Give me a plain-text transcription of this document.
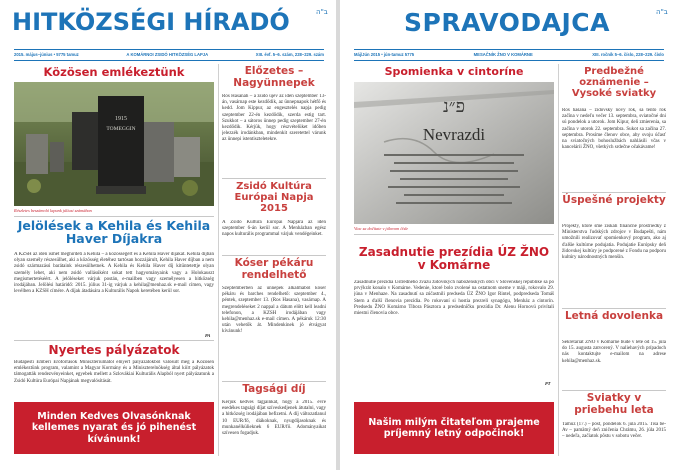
HITKÖZSÉGI HÍRADÓ	ב"ה
2015. május–június • 5775 tamuz	A KOMÁRNOI ZSIDÓ HITKÖZSÉG LAPJA	XIII. évf. 5–6. szám, 228–229. szám
Közösen emlékeztünk
1915
TOMEGGIN
Részletes beszámoló lapunk júliusi számában
Jelölések a Kehila és Kehila Haver Díjakra
A KZSH az idén ismét meghirdeti a Kehila – a közösségért és a Kehila Haver díjakat. Kehila díjban olyan személy részesülhet, aki a közösség életéhez tartósan hozzájárult, Kehila Haver díjban a nem zsidó származású barátaink részesülhetnek. A Kehila és Kehila Haver díj kitüntetettje olyan személy lehet, aki nem zsidó vallásúként sokat tett hagyományaink vagy a Holokauszt megismertetéséért. A jelöléseket várjuk postán, e-mailben vagy személyesen a hitközség irodájában. Jelölési határidő: 2015. július 31-ig várjuk a kehila@menhaz.sk e-mail címen, vagy levélben a KZSH címére. A díjak átadására a Kulturális Napok keretében kerül sor.
PA
Nyertes pályázatok
Budapesti Emberi Erőforrások Minisztériumától elnyert pályázatokból valósult meg a Közösen emlékeztünk program, valamint a Magyar Kormány és a Miniszterelnökség által kiírt pályázatok támogatták rendezvényeinket, egyebek mellett a Szlovákiai Kulturális Alapból nyert pályázatunk a Zsidó Kultúra Európai Napjának megvalósítását.
Minden Kedves Olvasónknak kellemes nyarat és jó pihenést kívánunk!
Előzetes – Nagyünnepek
Ros Hasanah – a zsidó újév az idén szeptember 13-án, vasárnap este kezdődik, az ünnepnapok hétfő és kedd. Jom Kippur, az engesztelés napja pedig szeptember 22-én kezdődik, szerda estig tart. Szukkot – a sátoros ünnep pedig szeptember 27-én kezdődik. Kérjük, hogy részvételüket időben jelezzék irodánkban, mindenkit szeretettel várunk az ünnepi istentiszteletekre.
Zsidó Kultúra Európai Napja 2015
A Zsidó Kultúra Európai Napjára az idén szeptember 6-án kerül sor. A Menházban egész napos kulturális programmal várjuk vendégeinket.
Kóser pékáru rendelhető
Szeptemberben az ünnepek alkalmából kóser pékáru és barches rendelhető: szeptember 4., péntek, szeptember 13. (Ros Hasana), vasárnap. A megrendeléseket 2 nappal a dátum előtt kell leadni telefonon, a KZSH irodájában vagy kehila@menhaz.sk e-mail címen. A pékáruk 12:30 után vehetők át. Mindenkinek jó étvágyat kívánunk!
Tagsági díj
Kérjük kedves tagjainkat, hogy a 2015. évre esedékes tagsági díjat szíveskedjenek átutalni, vagy a hitközség irodájában befizetni. A díj változatlanul 10 EUR/fő, diákoknak, nyugdíjasoknak és munkanélkülieknek 6 EUR/fő. Adományaikat szívesen fogadjuk.
SPRAVODAJCA	ב"ה
Máj/Jún 2015 • jún-tamuz 5775	MESAČNÍK ŽNO V KOMÁRNE	XIII. ročník 5–6. číslo, 228–229. číslo
Spomienka v cintoríne
פ״נ
Nevrazdi
Viac sa dočítate v júlovom čísle
Zasadnutie prezídia ÚZ ŽNO v Komárne
Zasadnutie prezídia Ústredného zväzu židovských náboženských obcí v Slovenskej republike sa po prvýkrát konalo v Komárne. Vedenie, ktoré bolo zvolené na ostatnom sneme v máji, rokovalo 29. júna v Menhaze. Na zasadnutí sa zúčastnili predseda ÚZ ŽNO Igor Rintel, podpredseda Tomáš Stern a ďalší členovia prezídia. Po rokovaní si hostia prezreli synagógu, Menház a cintorín. Predsedu ŽNO Komárno Tibora Pásztora a predsedníčku prezídia Dr. Alenu Hornovú privítali miestni členovia obce.
PT
Našim milým čitateľom prajeme príjemný letný odpočinok!
Predbežné oznámenie – Vysoké sviatky
Roš hašana – židovský nový rok, sa tento rok začína v nedeľu večer 13. septembra, sviatočné dni sú pondelok a utorok. Jom Kipur, deň zmierenia, sa začína v utorok 22. septembra. Sukot sa začína 27. septembra. Prosíme členov obce, aby svoju účasť na sviatočných bohoslužbách nahlásili včas v kancelárii ŽNO, všetkých srdečne očakávame!
Úspešné projekty
Projekty, ktoré sme získali finančné prostriedky z Ministerstva ľudských zdrojov v Budapešti, nám umožnili realizovať spomienkový program, ako aj ďalšie kultúrne podujatia. Podujatie Európsky deň židovskej kultúry je podporené z Fondu na podporu kultúry národnostných menšín.
Letná dovolenka
Sekretariát ŽNO v Komárne bude v lete od 15. júla do 15. augusta zatvorený. V naliehavých prípadoch nás kontaktujte e-mailom na adrese kehila@menhaz.sk.
Sviatky v priebehu leta
Tamuz (17.) – pôst, pondelok 6. júla 2015. Tiša be-Av – pamätný deň zničenia Chrámu, 26. júla 2015 – nedeľa, začiatok pôstu v sobotu večer.
